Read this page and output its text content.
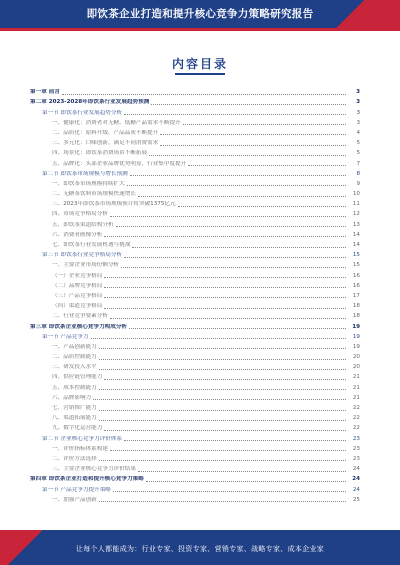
即饮茶企业打造和提升核心竞争力策略研究报告
内容目录
第一章 前言	3
第二章 2023-2028年即饮茶行业发展趋势预测	3
第一节 即饮茶行业发展趋势分析	3
一、健康化：消费者对无糖、低糖产品需求不断提升	3
二、品质化：原料升级，产品品质不断提升	4
三、多元化：口味创新，满足不同消费需求	5
四、场景化：即饮茶消费场景不断拓展	5
五、品牌化：头部企业品牌优势明显，行业集中度提升	7
第二节 即饮茶市场规模与增长预测	8
一、即饮茶市场规模持续扩大	9
二、无糖茶饮料市场规模快速增长	10
三、2023年即饮茶市场规模预计将突破1375亿元	11
四、市场竞争格局分析	12
五、即饮茶渠道结构分析	13
六、消费者画像分析	14
七、即饮茶行业发展机遇与挑战	14
第三节 即饮茶行业竞争格局分析	15
一、主要企业市场份额分析	15
（一）企业竞争格局	16
（二）品牌竞争格局	16
（三）产品竞争格局	17
（四）渠道竞争格局	18
二、行业竞争要素分析	18
第三章 即饮茶企业核心竞争力构成分析	19
第一节 产品竞争力	19
一、产品创新能力	19
二、品质控制能力	20
三、研发投入水平	20
四、供应链管理能力	21
五、成本控制能力	21
六、品牌影响力	21
七、营销推广能力	22
八、渠道拓展能力	22
九、数字化运营能力	22
第二节 企业核心竞争力评价体系	23
一、评价指标体系构建	23
二、评价方法选择	23
三、主要企业核心竞争力评价结果	24
第四章 即饮茶企业打造和提升核心竞争力策略	24
第一节 产品竞争力提升策略	24
一、加强产品创新	25
让每个人都能成为：行业专家、投资专家、营销专家、战略专家、成本企业家
